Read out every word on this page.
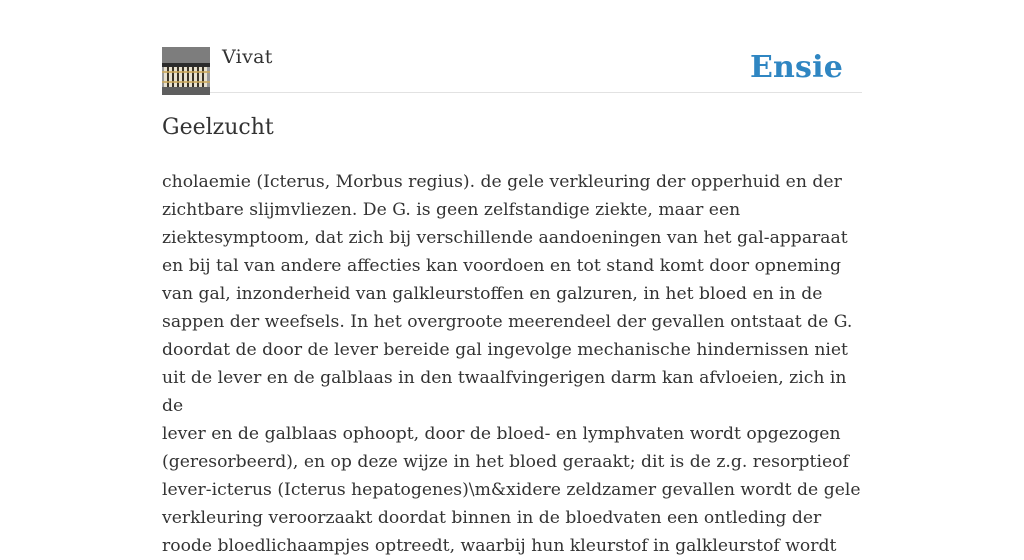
Vivat	Ensie
Geelzucht

cholaemie (Icterus, Morbus regius). de gele verkleuring der opperhuid en der
zichtbare slijmvliezen. De G. is geen zelfstandige ziekte, maar een
ziektesymptoom, dat zich bij verschillende aandoeningen van het gal-apparaat
en bij tal van andere affecties kan voordoen en tot stand komt door opneming
van gal, inzonderheid van galkleurstoffen en galzuren, in het bloed en in de
sappen der weefsels. In het overgroote meerendeel der gevallen ontstaat de G.
doordat de door de lever bereide gal ingevolge mechanische hindernissen niet
uit de lever en de galblaas in den twaalfvingerigen darm kan afvloeien, zich in de
lever en de galblaas ophoopt, door de bloed- en lymphvaten wordt opgezogen
(geresorbeerd), en op deze wijze in het bloed geraakt; dit is de z.g. resorptieof
lever-icterus (Icterus hepatogenes)\m&xidere zeldzamer gevallen wordt de gele
verkleuring veroorzaakt doordat binnen in de bloedvaten een ontleding der
roode bloedlichaampjes optreedt, waarbij hun kleurstof in galkleurstof wordt
